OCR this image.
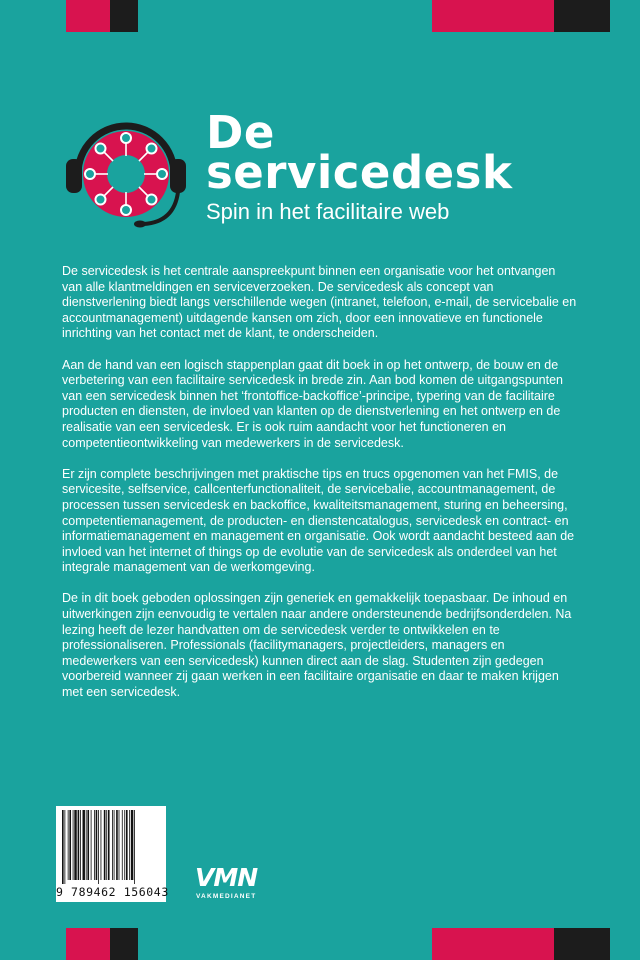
De
servicedesk
Spin in het facilitaire web

De servicedesk is het centrale aanspreekpunt binnen een organisatie voor het ontvangen van alle klantmeldingen en serviceverzoeken. De servicedesk als concept van dienstverlening biedt langs verschillende wegen (intranet, telefoon, e-mail, de servicebalie en accountmanagement) uitdagende kansen om zich, door een innovatieve en functionele inrichting van het contact met de klant, te onderscheiden.

Aan de hand van een logisch stappenplan gaat dit boek in op het ontwerp, de bouw en de verbetering van een facilitaire servicedesk in brede zin. Aan bod komen de uitgangspunten van een servicedesk binnen het ‘frontoffice-backoffice’-principe, typering van de facilitaire producten en diensten, de invloed van klanten op de dienstverlening en het ontwerp en de realisatie van een servicedesk. Er is ook ruim aandacht voor het functioneren en competentieontwikkeling van medewerkers in de servicedesk.

Er zijn complete beschrijvingen met praktische tips en trucs opgenomen van het FMIS, de servicesite, selfservice, callcenterfunctionaliteit, de servicebalie, accountmanagement, de processen tussen servicedesk en backoffice, kwaliteitsmanagement, sturing en beheersing, competentiemanagement, de producten- en dienstencatalogus, servicedesk en contract- en informatiemanagement en management en organisatie. Ook wordt aandacht besteed aan de invloed van het internet of things op de evolutie van de servicedesk als onderdeel van het integrale management van de werkomgeving.

De in dit boek geboden oplossingen zijn generiek en gemakkelijk toepasbaar. De inhoud en uitwerkingen zijn eenvoudig te vertalen naar andere ondersteunende bedrijfsonderdelen. Na lezing heeft de lezer handvatten om de servicedesk verder te ontwikkelen en te professionaliseren. Professionals (facilitymanagers, projectleiders, managers en medewerkers van een servicedesk) kunnen direct aan de slag. Studenten zijn gedegen voorbereid wanneer zij gaan werken in een facilitaire organisatie en daar te maken krijgen met een servicedesk.

9 789462 156043 VMN
VAKMEDIANET
